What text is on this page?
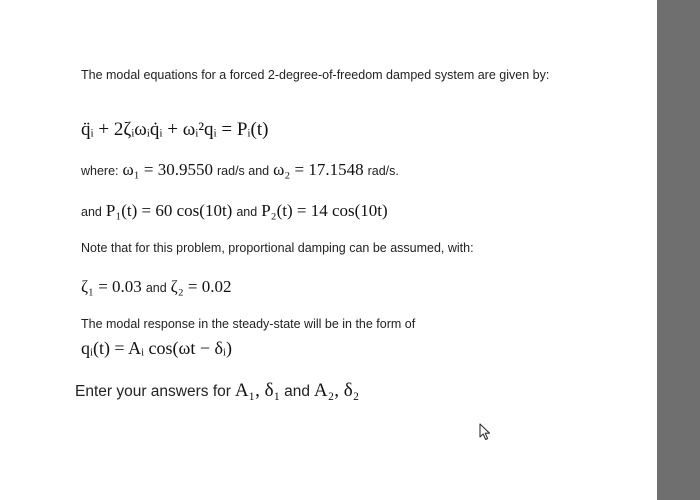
The modal equations for a forced 2-degree-of-freedom damped system are given by:
q̈ᵢ + 2ζᵢωᵢq̇ᵢ + ωᵢ²qᵢ = Pᵢ(t)
where: ω₁ = 30.9550 rad/s and ω₂ = 17.1548 rad/s.
and P₁(t) = 60 cos(10t) and P₂(t) = 14 cos(10t)
Note that for this problem, proportional damping can be assumed, with:
ζ₁ = 0.03 and ζ₂ = 0.02
The modal response in the steady-state will be in the form of
qᵢ(t) = Aᵢ cos(ωt − δᵢ)
Enter your answers for A₁, δ₁ and A₂, δ₂
